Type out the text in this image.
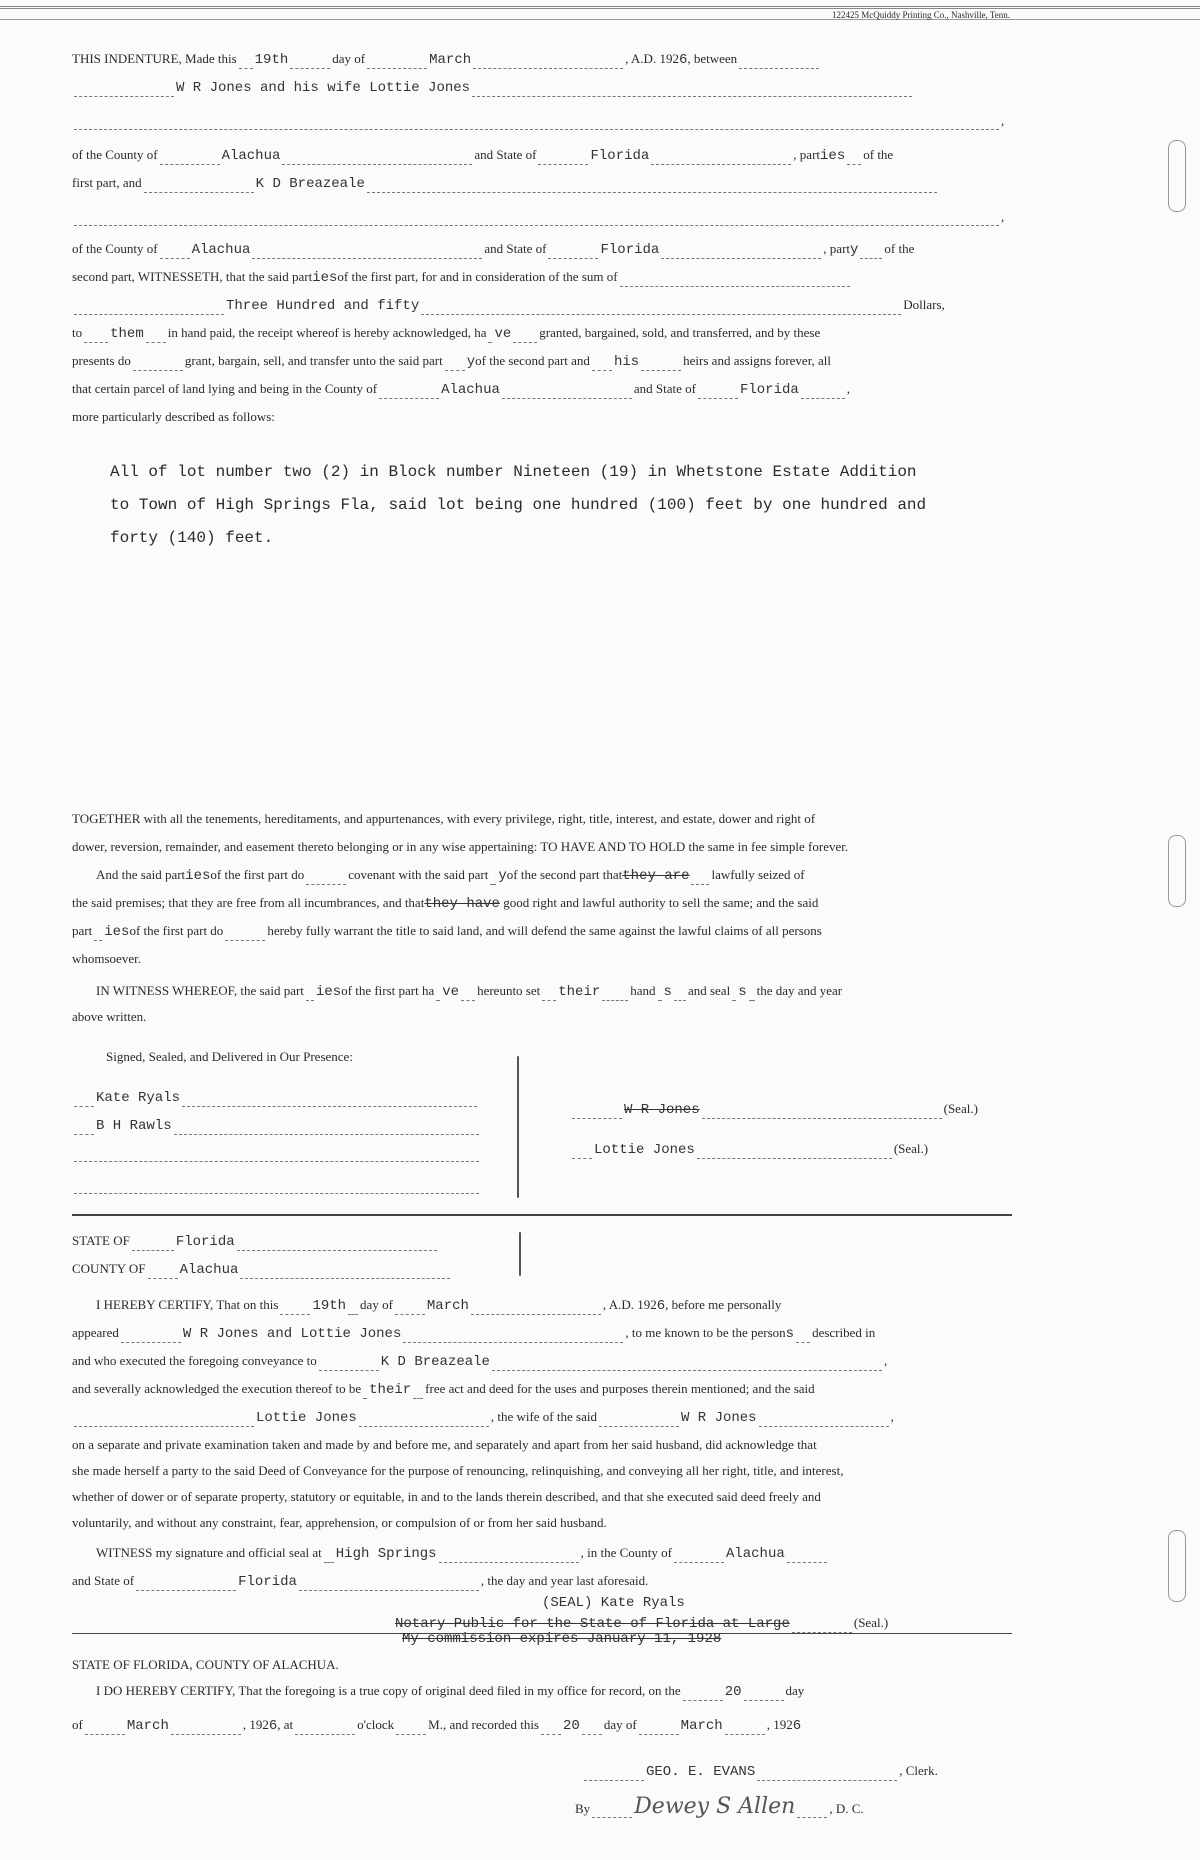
122425 McQuiddy Printing Co., Nashville, Tenn.
THIS INDENTURE, Made this 19th	day of	March	, A.D. 1926, between
W R Jones and his wife Lottie Jones
,
of the County of	Alachua	and State of	Florida	, parties of the
first part, and	K D Breazeale
,
of the County of Alachua	and State of	Florida	, party of the
second part, WITNESSETH, that the said partiesof the first part, for and in consideration of the sum of
Three Hundred and fifty	Dollars,
to them in hand paid, the receipt whereof is hereby acknowledged, ha ve granted, bargained, sold, and transferred, and by these
presents do	grant, bargain, sell, and transfer unto the said part yof the second part and his	heirs and assigns forever, all
that certain parcel of land lying and being in the County of	Alachua	and State of	Florida	,
more particularly described as follows:
All of lot number two (2) in Block number Nineteen (19) in Whetstone Estate Addition
to Town of High Springs Fla, said lot being one hundred (100) feet by one hundred and
forty (140) feet.
TOGETHER with all the tenements, hereditaments, and appurtenances, with every privilege, right, title, interest, and estate, dower and right of
dower, reversion, remainder, and easement thereto belonging or in any wise appertaining: TO HAVE AND TO HOLD the same in fee simple forever.
And the said partiesof the first part do	covenant with the said part yof the second part thatthey are lawfully seized of
the said premises; that they are free from all incumbrances, and thatthey have good right and lawful authority to sell the same; and the said
part iesof the first part do	hereby fully warrant the title to said land, and will defend the same against the lawful claims of all persons
whomsoever.
IN WITNESS WHEREOF, the said part iesof the first part ha ve hereunto set their hand s and seal s the day and year
above written.
Signed, Sealed, and Delivered in Our Presence:
Kate Ryals
B H Rawls
W R Jones	(Seal.)
Lottie Jones	(Seal.)
STATE OF	Florida
COUNTY OF Alachua
I HEREBY CERTIFY, That on this 19th day of March	, A.D. 1926, before me personally
appeared	W R Jones and Lottie Jones	, to me known to be the persons described in
and who executed the foregoing conveyance to	K D Breazeale	,
and severally acknowledged the execution thereof to be their free act and deed for the uses and purposes therein mentioned; and the said
Lottie Jones	, the wife of the said	W R Jones	,
on a separate and private examination taken and made by and before me, and separately and apart from her said husband, did acknowledge that
she made herself a party to the said Deed of Conveyance for the purpose of renouncing, relinquishing, and conveying all her right, title, and interest,
whether of dower or of separate property, statutory or equitable, in and to the lands therein described, and that she executed said deed freely and
voluntarily, and without any constraint, fear, apprehension, or compulsion of or from her said husband.
WITNESS my signature and official seal at High Springs	, in the County of	Alachua
and State of	Florida	, the day and year last aforesaid.
(SEAL) Kate Ryals
Notary Public for the State of Florida at Large	(Seal.)
My commission expires January 11, 1928
STATE OF FLORIDA, COUNTY OF ALACHUA.
I DO HEREBY CERTIFY, That the foregoing is a true copy of original deed filed in my office for record, on the	20	day
of	March	, 1926, at	o'clock	M., and recorded this 20 day of	March	, 1926
GEO. E. EVANS	, Clerk.
By Dewey S Allen	, D. C.
